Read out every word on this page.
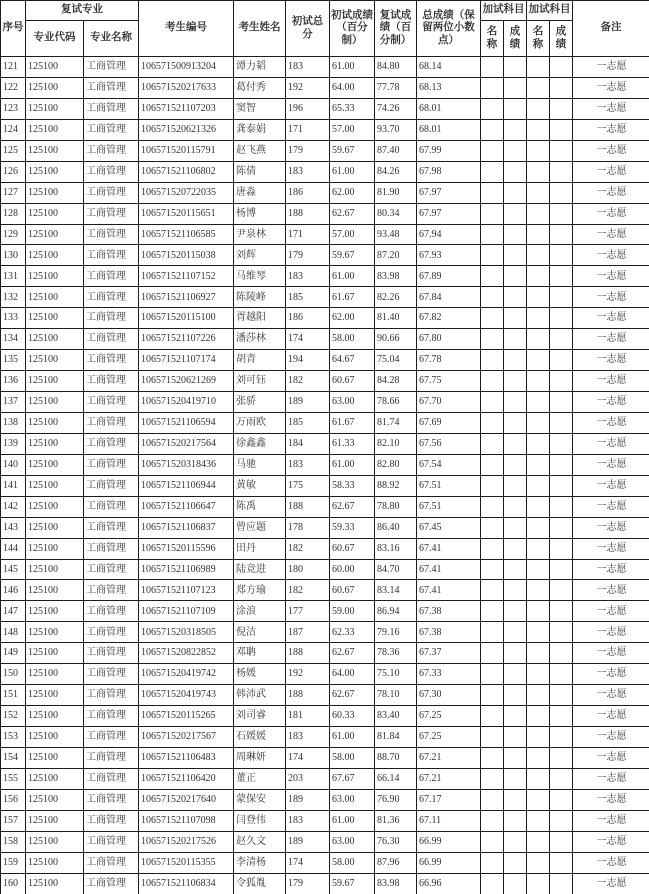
序号	复试专业		考生编号	考生姓名	初试总分	初试成绩（百分制）	复试成绩（百分制）	总成绩（保留两位小数点）	加试科目		加试科目		备注
	专业代码	专业名称							名称	成绩	名称	成绩	
121	125100	工商管理	106571500913204	谭力韬	183	61.00	84.80	68.14					一志愿
122	125100	工商管理	106571520217633	葛付秀	192	64.00	77.78	68.13					一志愿
123	125100	工商管理	106571521107203	窦智	196	65.33	74.26	68.01					一志愿
124	125100	工商管理	106571520621326	龚泰娟	171	57.00	93.70	68.01					一志愿
125	125100	工商管理	106571520115791	赵飞燕	179	59.67	87.40	67.99					一志愿
126	125100	工商管理	106571521106802	陈倩	183	61.00	84.26	67.98					一志愿
127	125100	工商管理	106571520722035	唐淼	186	62.00	81.90	67.97					一志愿
128	125100	工商管理	106571520115651	杨博	188	62.67	80.34	67.97					一志愿
129	125100	工商管理	106571521106585	尹泉林	171	57.00	93.48	67.94					一志愿
130	125100	工商管理	106571520115038	刘辉	179	59.67	87.20	67.93					一志愿
131	125100	工商管理	106571521107152	马维琴	183	61.00	83.98	67.89					一志愿
132	125100	工商管理	106571521106927	陈陵峰	185	61.67	82.26	67.84					一志愿
133	125100	工商管理	106571520115100	胥越阳	186	62.00	81.40	67.82					一志愿
134	125100	工商管理	106571521107226	潘莎林	174	58.00	90.66	67.80					一志愿
135	125100	工商管理	106571521107174	胡青	194	64.67	75.04	67.78					一志愿
136	125100	工商管理	106571520621269	刘可钰	182	60.67	84.28	67.75					一志愿
137	125100	工商管理	106571520419710	张骄	189	63.00	78.66	67.70					一志愿
138	125100	工商管理	106571521106594	万雨欧	185	61.67	81.74	67.69					一志愿
139	125100	工商管理	106571520217564	徐鑫鑫	184	61.33	82.10	67.56					一志愿
140	125100	工商管理	106571520318436	马驰	183	61.00	82.80	67.54					一志愿
141	125100	工商管理	106571521106944	黄敏	175	58.33	88.92	67.51					一志愿
142	125100	工商管理	106571521106647	陈禹	188	62.67	78.80	67.51					一志愿
143	125100	工商管理	106571521106837	曾应题	178	59.33	86.40	67.45					一志愿
144	125100	工商管理	106571520115596	田丹	182	60.67	83.16	67.41					一志愿
145	125100	工商管理	106571521106989	陆竞进	180	60.00	84.70	67.41					一志愿
146	125100	工商管理	106571521107123	郑方瑜	182	60.67	83.14	67.41					一志愿
147	125100	工商管理	106571521107109	涂浪	177	59.00	86.94	67.38					一志愿
148	125100	工商管理	106571520318505	倪洁	187	62.33	79.16	67.38					一志愿
149	125100	工商管理	106571520822852	邓聃	188	62.67	78.36	67.37					一志愿
150	125100	工商管理	106571520419742	杨媛	192	64.00	75.10	67.33					一志愿
151	125100	工商管理	106571520419743	韩沛武	188	62.67	78.10	67.30					一志愿
152	125100	工商管理	106571520115265	刘司睿	181	60.33	83.40	67.25					一志愿
153	125100	工商管理	106571520217567	石媛媛	183	61.00	81.84	67.25					一志愿
154	125100	工商管理	106571521106483	周琳妍	174	58.00	88.70	67.21					一志愿
155	125100	工商管理	106571521106420	董正	203	67.67	66.14	67.21					一志愿
156	125100	工商管理	106571520217640	蒙保安	189	63.00	76.90	67.17					一志愿
157	125100	工商管理	106571521107098	闫登伟	183	61.00	81.36	67.11					一志愿
158	125100	工商管理	106571520217526	赵久文	189	63.00	76.30	66.99					一志愿
159	125100	工商管理	106571520115355	李清杨	174	58.00	87.96	66.99					一志愿
160	125100	工商管理	106571521106834	令狐胤	179	59.67	83.98	66.96					一志愿
